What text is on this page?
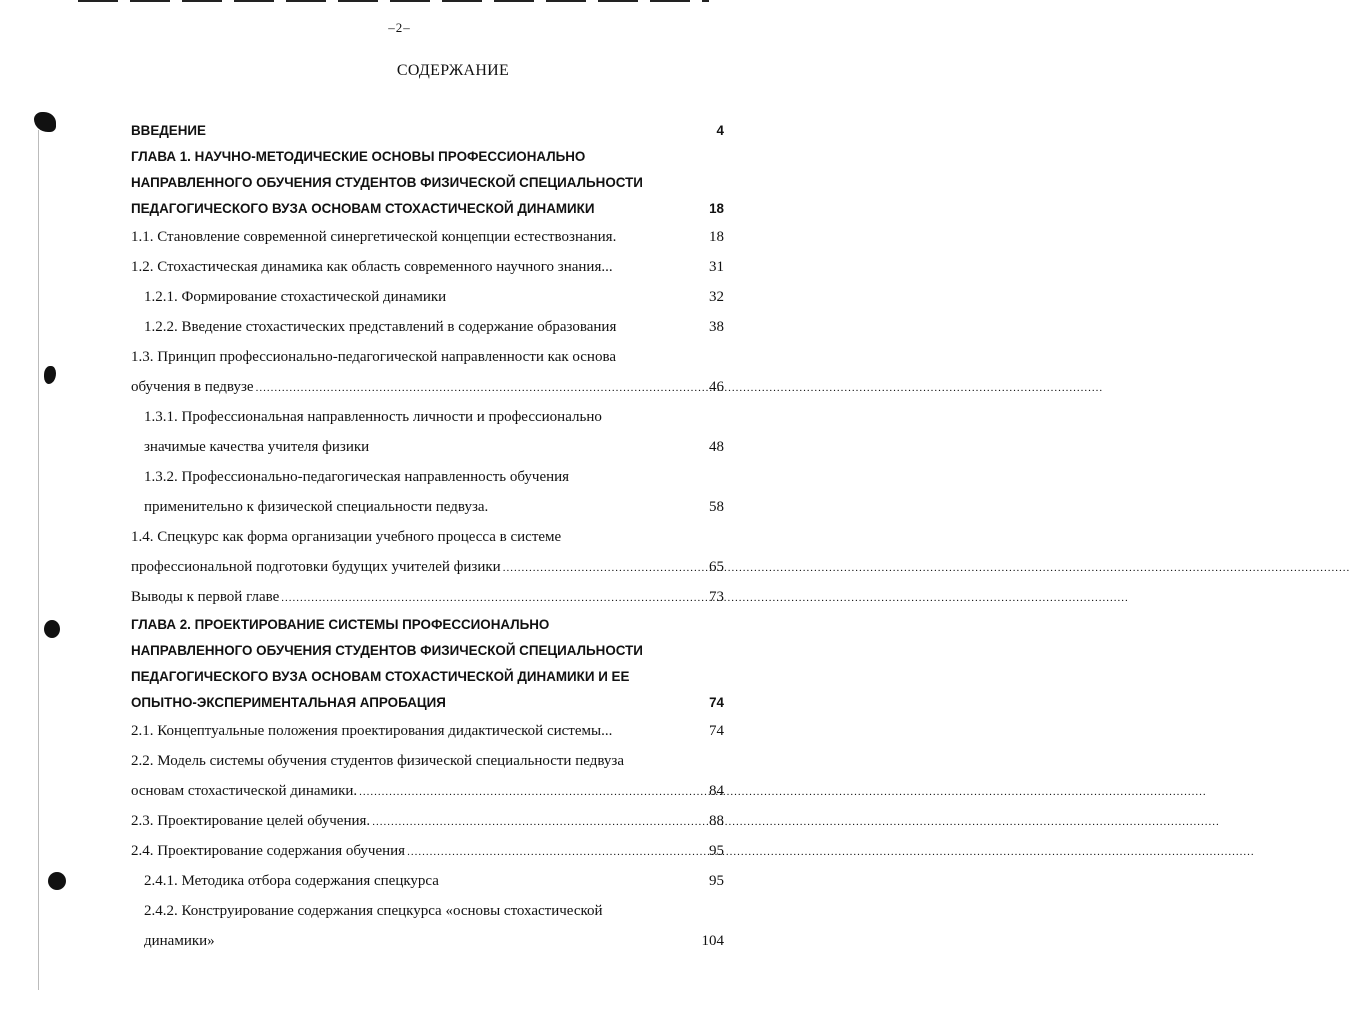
–2–
СОДЕРЖАНИЕ
ВВЕДЕНИЕ	4
ГЛАВА 1. НАУЧНО-МЕТОДИЧЕСКИЕ ОСНОВЫ ПРОФЕССИОНАЛЬНО
НАПРАВЛЕННОГО ОБУЧЕНИЯ СТУДЕНТОВ ФИЗИЧЕСКОЙ СПЕЦИАЛЬНОСТИ
ПЕДАГОГИЧЕСКОГО ВУЗА ОСНОВАМ СТОХАСТИЧЕСКОЙ ДИНАМИКИ	18
1.1. Становление современной синергетической концепции естествознания.	18
1.2. Стохастическая динамика как область современного научного знания...	31
1.2.1. Формирование стохастической динамики	32
1.2.2. Введение стохастических представлений в содержание образования	38
1.3. Принцип профессионально-педагогической направленности как основа
обучения в педвузе .....	46
1.3.1. Профессиональная направленность личности и профессионально
значимые качества учителя физики	48
1.3.2. Профессионально-педагогическая направленность обучения
применительно к физической специальности педвуза.	58
1.4. Спецкурс как форма организации учебного процесса в системе
профессиональной подготовки будущих учителей физики .....	65
Выводы к первой главе .....	73
ГЛАВА 2. ПРОЕКТИРОВАНИЕ СИСТЕМЫ ПРОФЕССИОНАЛЬНО
НАПРАВЛЕННОГО ОБУЧЕНИЯ СТУДЕНТОВ ФИЗИЧЕСКОЙ СПЕЦИАЛЬНОСТИ
ПЕДАГОГИЧЕСКОГО ВУЗА ОСНОВАМ СТОХАСТИЧЕСКОЙ ДИНАМИКИ И ЕЕ
ОПЫТНО-ЭКСПЕРИМЕНТАЛЬНАЯ АПРОБАЦИЯ	74
2.1. Концептуальные положения проектирования дидактической системы...	74
2.2. Модель системы обучения студентов физической специальности педвуза
основам стохастической динамики. .....	84
2.3. Проектирование целей обучения. .....	88
2.4. Проектирование содержания обучения .....	95
2.4.1. Методика отбора содержания спецкурса	95
2.4.2. Конструирование содержания спецкурса «основы стохастической
динамики»	104
